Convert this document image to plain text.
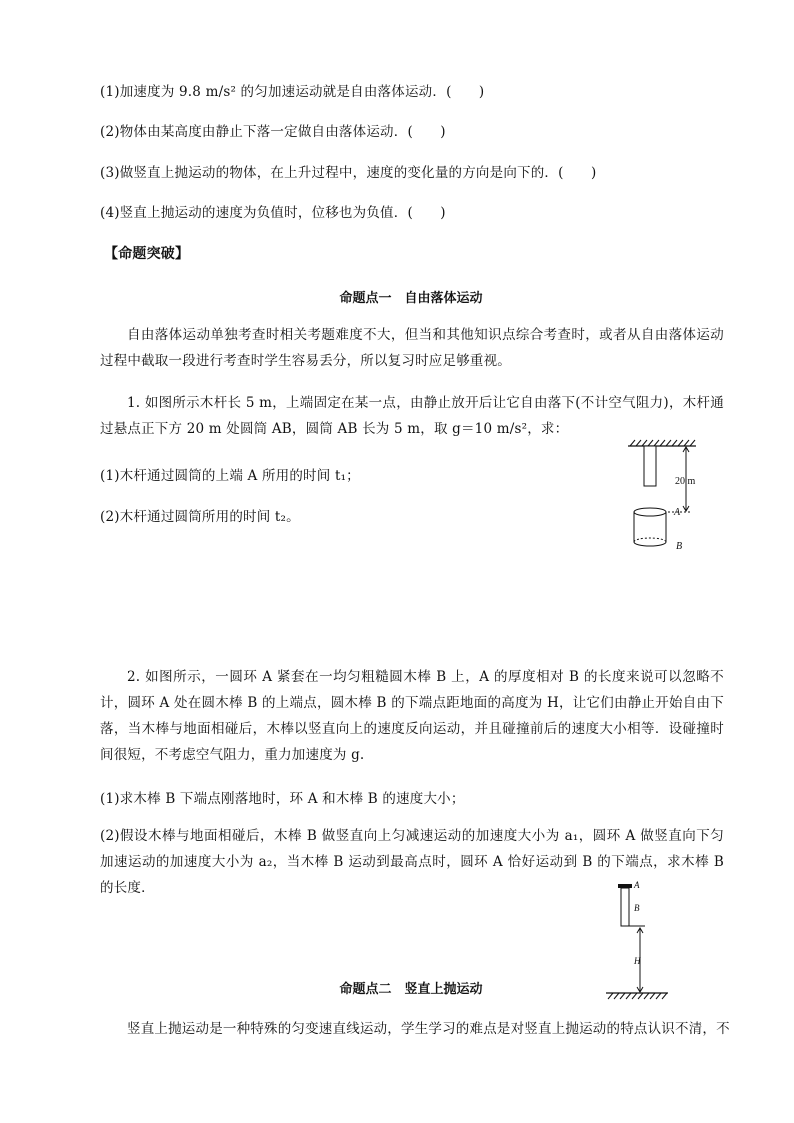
(1)加速度为 9.8 m/s² 的匀加速运动就是自由落体运动．(　　)
(2)物体由某高度由静止下落一定做自由落体运动．(　　)
(3)做竖直上抛运动的物体，在上升过程中，速度的变化量的方向是向下的．(　　)
(4)竖直上抛运动的速度为负值时，位移也为负值．(　　)
【命题突破】
命题点一　自由落体运动
自由落体运动单独考查时相关考题难度不大，但当和其他知识点综合考查时，或者从自由落体运动过程中截取一段进行考查时学生容易丢分，所以复习时应足够重视。
1. 如图所示木杆长 5 m，上端固定在某一点，由静止放开后让它自由落下(不计空气阻力)，木杆通过悬点正下方 20 m 处圆筒 AB，圆筒 AB 长为 5 m，取 g＝10 m/s²，求：
(1)木杆通过圆筒的上端 A 所用的时间 t₁；
(2)木杆通过圆筒所用的时间 t₂。
20 m
A
B
2. 如图所示，一圆环 A 紧套在一均匀粗糙圆木棒 B 上，A 的厚度相对 B 的长度来说可以忽略不计，圆环 A 处在圆木棒 B 的上端点，圆木棒 B 的下端点距地面的高度为 H，让它们由静止开始自由下落，当木棒与地面相碰后，木棒以竖直向上的速度反向运动，并且碰撞前后的速度大小相等．设碰撞时间很短，不考虑空气阻力，重力加速度为 g.
(1)求木棒 B 下端点刚落地时，环 A 和木棒 B 的速度大小；
(2)假设木棒与地面相碰后，木棒 B 做竖直向上匀减速运动的加速度大小为 a₁，圆环 A 做竖直向下匀加速运动的加速度大小为 a₂，当木棒 B 运动到最高点时，圆环 A 恰好运动到 B 的下端点，求木棒 B 的长度．	A
B
H
命题点二　竖直上抛运动
竖直上抛运动是一种特殊的匀变速直线运动，学生学习的难点是对竖直上抛运动的特点认识不清，不
